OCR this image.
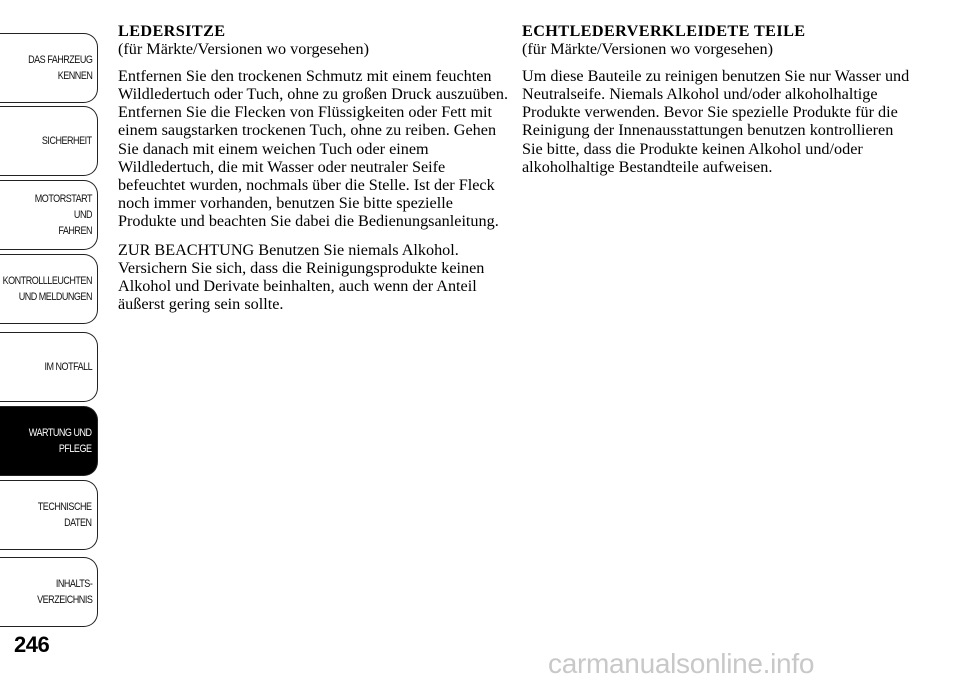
DAS FAHRZEUG
KENNEN
SICHERHEIT
MOTORSTART UND
FAHREN
KONTROLLLEUCHTEN
UND MELDUNGEN
IM NOTFALL
WARTUNG UND
PFLEGE
TECHNISCHE
DATEN
INHALTS-
VERZEICHNIS
246

LEDERSITZE

(für Märkte/Versionen wo vorgesehen)

Entfernen Sie den trockenen Schmutz mit einem feuchten Wildledertuch oder Tuch, ohne zu großen Druck auszuüben. Entfernen Sie die Flecken von Flüssigkeiten oder Fett mit einem saugstarken trockenen Tuch, ohne zu reiben. Gehen Sie danach mit einem weichen Tuch oder einem Wildledertuch, die mit Wasser oder neutraler Seife befeuchtet wurden, nochmals über die Stelle. Ist der Fleck noch immer vorhanden, benutzen Sie bitte spezielle Produkte und beachten Sie dabei die Bedienungsanleitung.

ZUR BEACHTUNG Benutzen Sie niemals Alkohol. Versichern Sie sich, dass die Reinigungsprodukte keinen Alkohol und Derivate beinhalten, auch wenn der Anteil äußerst gering sein sollte.

ECHTLEDERVERKLEIDETE TEILE

(für Märkte/Versionen wo vorgesehen)

Um diese Bauteile zu reinigen benutzen Sie nur Wasser und Neutralseife. Niemals Alkohol und/oder alkoholhaltige Produkte verwenden. Bevor Sie spezielle Produkte für die Reinigung der Innenausstattungen benutzen kontrollieren Sie bitte, dass die Produkte keinen Alkohol und/oder alkoholhaltige Bestandteile aufweisen.

carmanualsonline.info
